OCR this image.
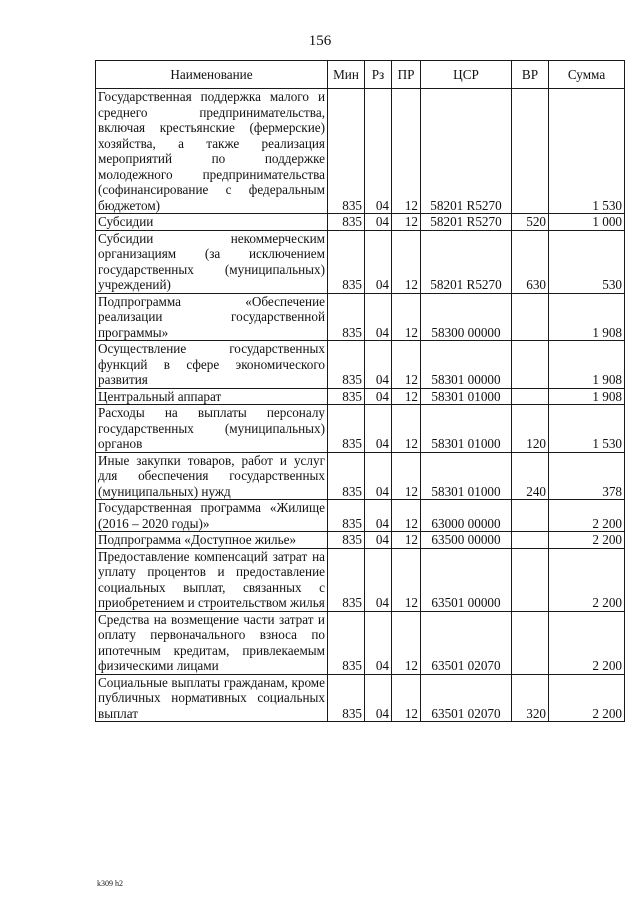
156
Наименование	Мин	Рз	ПР	ЦСР	ВР	Сумма
Государственная поддержка малого и среднего предпринимательства, включая крестьянские (фермерские) хозяйства, а также реализация мероприятий по поддержке молодежного предпринимательства (софинансирование с федеральным бюджетом)	835	04	12	58201 R5270		1 530
Субсидии	835	04	12	58201 R5270	520	1 000
Субсидии некоммерческим организациям (за исключением государственных (муниципальных) учреждений)	835	04	12	58201 R5270	630	530
Подпрограмма «Обеспечение реализации государственной программы»	835	04	12	58300 00000		1 908
Осуществление государственных функций в сфере экономического развития	835	04	12	58301 00000		1 908
Центральный аппарат	835	04	12	58301 01000		1 908
Расходы на выплаты персоналу государственных (муниципальных) органов	835	04	12	58301 01000	120	1 530
Иные закупки товаров, работ и услуг для обеспечения государственных (муниципальных) нужд	835	04	12	58301 01000	240	378
Государственная программа «Жилище (2016 – 2020 годы)»	835	04	12	63000 00000		2 200
Подпрограмма «Доступное жилье»	835	04	12	63500 00000		2 200
Предоставление компенсаций затрат на уплату процентов и предоставление социальных выплат, связанных с приобретением и строительством жилья	835	04	12	63501 00000		2 200
Средства на возмещение части затрат и оплату первоначального взноса по ипотечным кредитам, привлекаемым физическими лицами	835	04	12	63501 02070		2 200
Социальные выплаты гражданам, кроме публичных нормативных социальных выплат	835	04	12	63501 02070	320	2 200
k309 h2
